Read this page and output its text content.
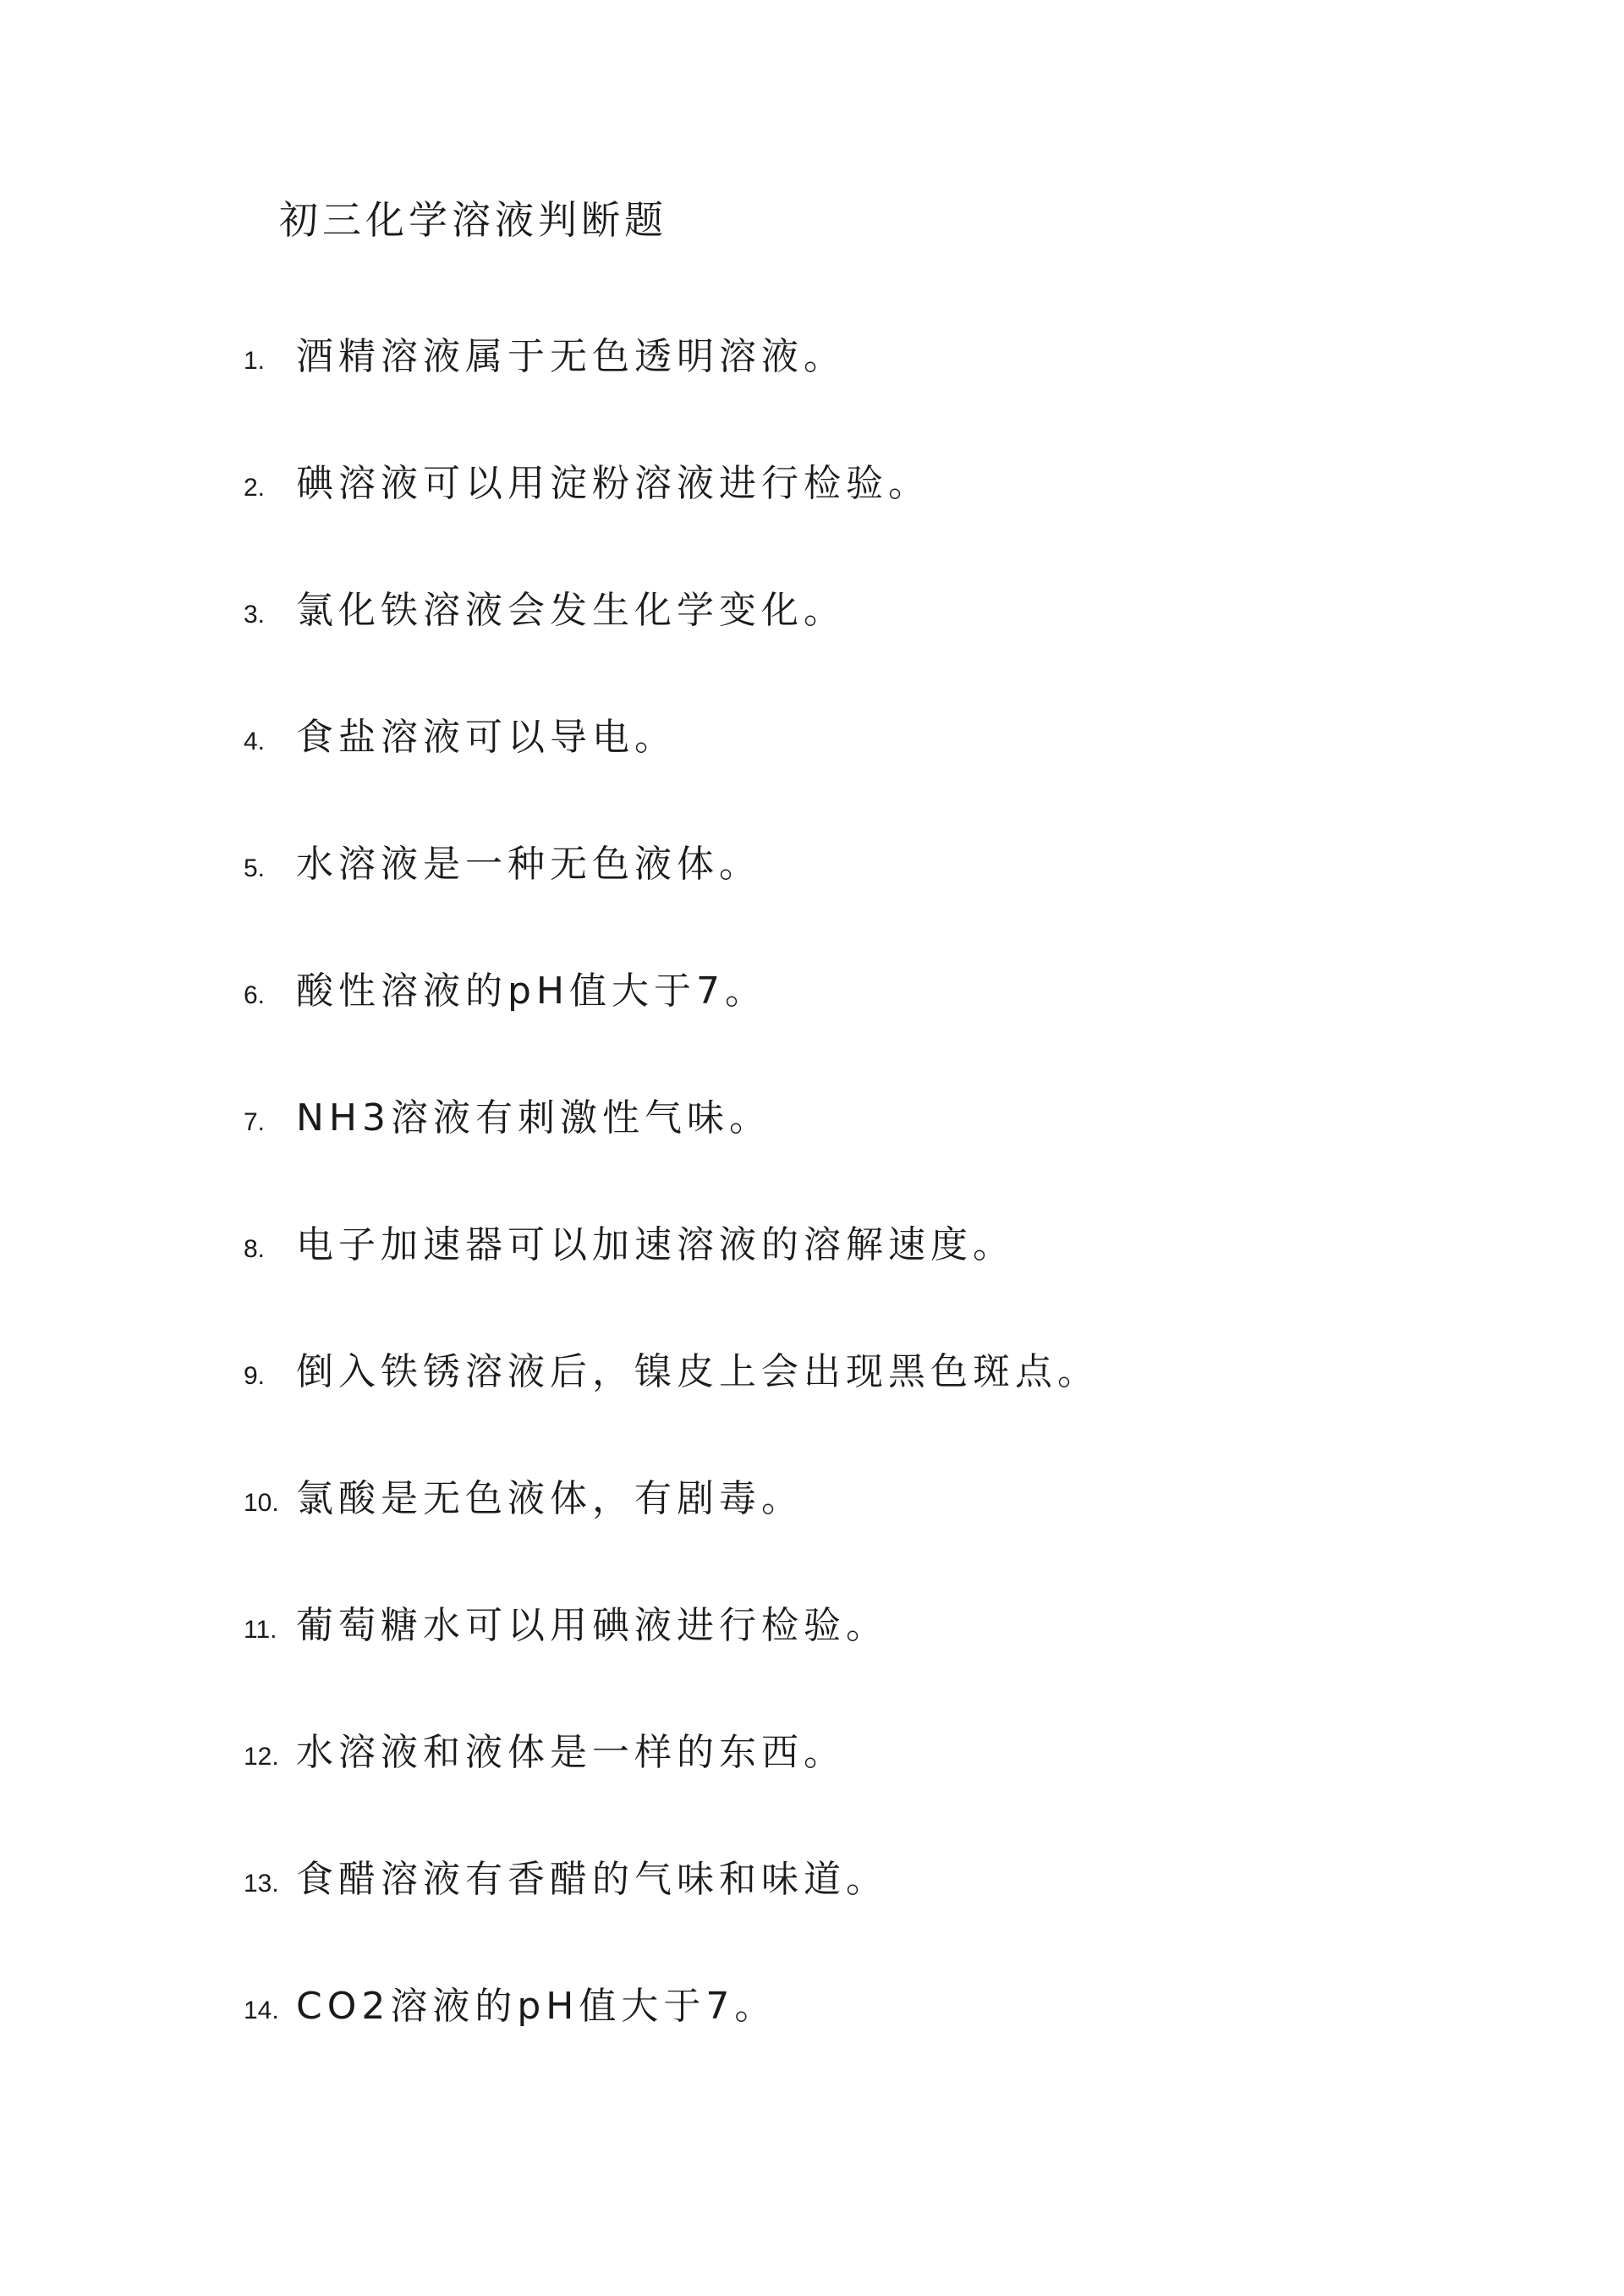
初三化学溶液判断题
1. 酒精溶液属于无色透明溶液。
2. 碘溶液可以用淀粉溶液进行检验。
3. 氯化铁溶液会发生化学变化。
4. 食盐溶液可以导电。
5. 水溶液是一种无色液体。
6. 酸性溶液的pH值大于7。
7. NH3溶液有刺激性气味。
8. 电子加速器可以加速溶液的溶解速度。
9. 倒入铁锈溶液后，镍皮上会出现黑色斑点。
10. 氯酸是无色液体，有剧毒。
11. 葡萄糖水可以用碘液进行检验。
12. 水溶液和液体是一样的东西。
13. 食醋溶液有香醋的气味和味道。
14. CO2溶液的pH值大于7。
